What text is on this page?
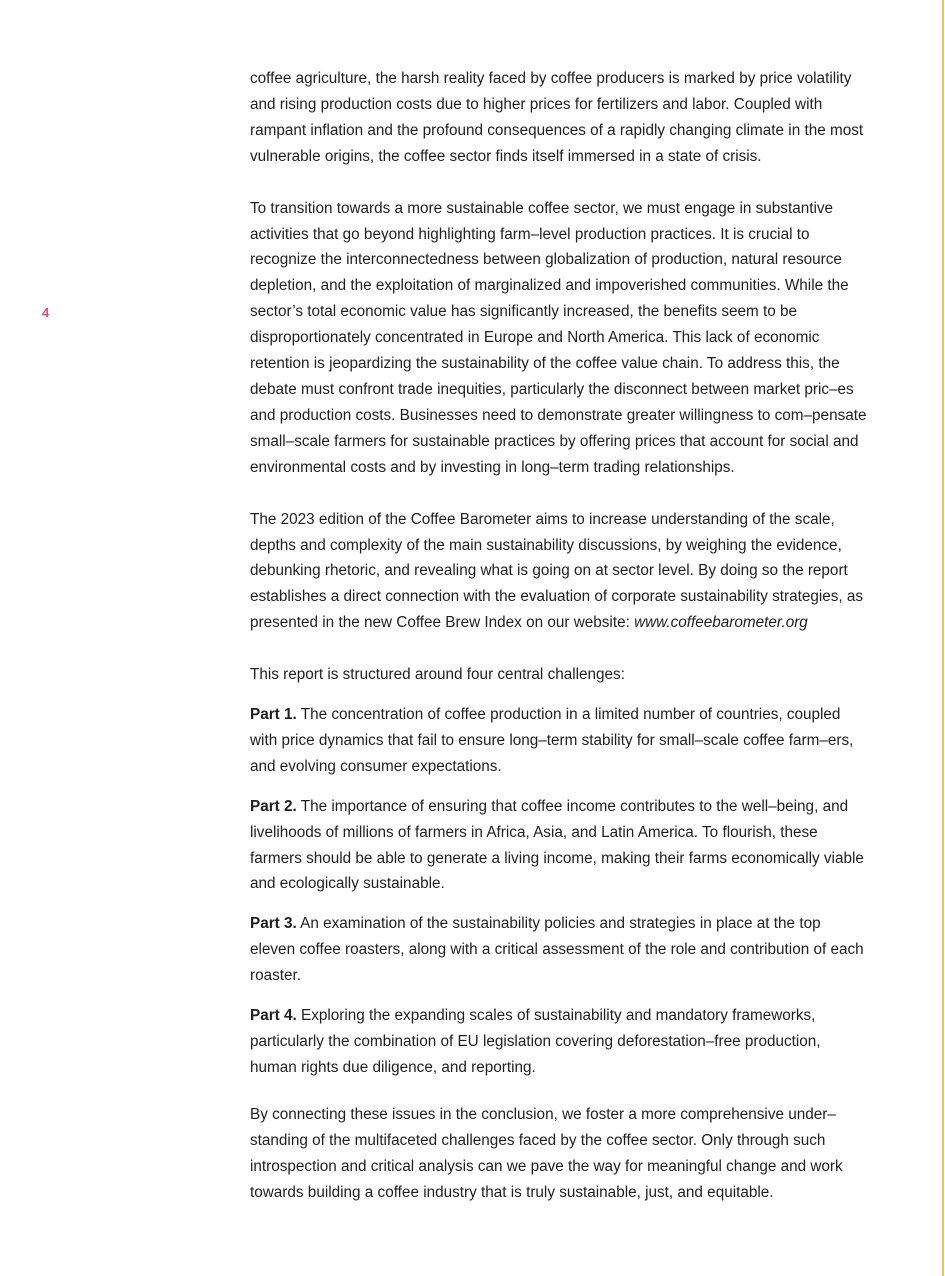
4

coffee agriculture, the harsh reality faced by coffee producers is marked by price volatility and rising production costs due to higher prices for fertilizers and labor. Coupled with rampant inflation and the profound consequences of a rapidly changing climate in the most vulnerable origins, the coffee sector finds itself immersed in a state of crisis.

To transition towards a more sustainable coffee sector, we must engage in substantive activities that go beyond highlighting farm–level production practices. It is crucial to recognize the interconnectedness between globalization of production, natural resource depletion, and the exploitation of marginalized and impoverished communities. While the sector’s total economic value has significantly increased, the benefits seem to be disproportionately concentrated in Europe and North America. This lack of economic retention is jeopardizing the sustainability of the coffee value chain. To address this, the debate must confront trade inequities, particularly the disconnect between market pric–es and production costs. Businesses need to demonstrate greater willingness to com–pensate small–scale farmers for sustainable practices by offering prices that account for social and environmental costs and by investing in long–term trading relationships.

The 2023 edition of the Coffee Barometer aims to increase understanding of the scale, depths and complexity of the main sustainability discussions, by weighing the evidence, debunking rhetoric, and revealing what is going on at sector level. By doing so the report establishes a direct connection with the evaluation of corporate sustainability strategies, as presented in the new Coffee Brew Index on our website: www.coffeebarometer.org

This report is structured around four central challenges:

Part 1. The concentration of coffee production in a limited number of countries, coupled with price dynamics that fail to ensure long–term stability for small–scale coffee farm–ers, and evolving consumer expectations.

Part 2. The importance of ensuring that coffee income contributes to the well–being, and livelihoods of millions of farmers in Africa, Asia, and Latin America. To flourish, these farmers should be able to generate a living income, making their farms economically viable and ecologically sustainable.

Part 3. An examination of the sustainability policies and strategies in place at the top eleven coffee roasters, along with a critical assessment of the role and contribution of each roaster.

Part 4. Exploring the expanding scales of sustainability and mandatory frameworks, particularly the combination of EU legislation covering deforestation–free production, human rights due diligence, and reporting.

By connecting these issues in the conclusion, we foster a more comprehensive under–standing of the multifaceted challenges faced by the coffee sector. Only through such introspection and critical analysis can we pave the way for meaningful change and work towards building a coffee industry that is truly sustainable, just, and equitable.
